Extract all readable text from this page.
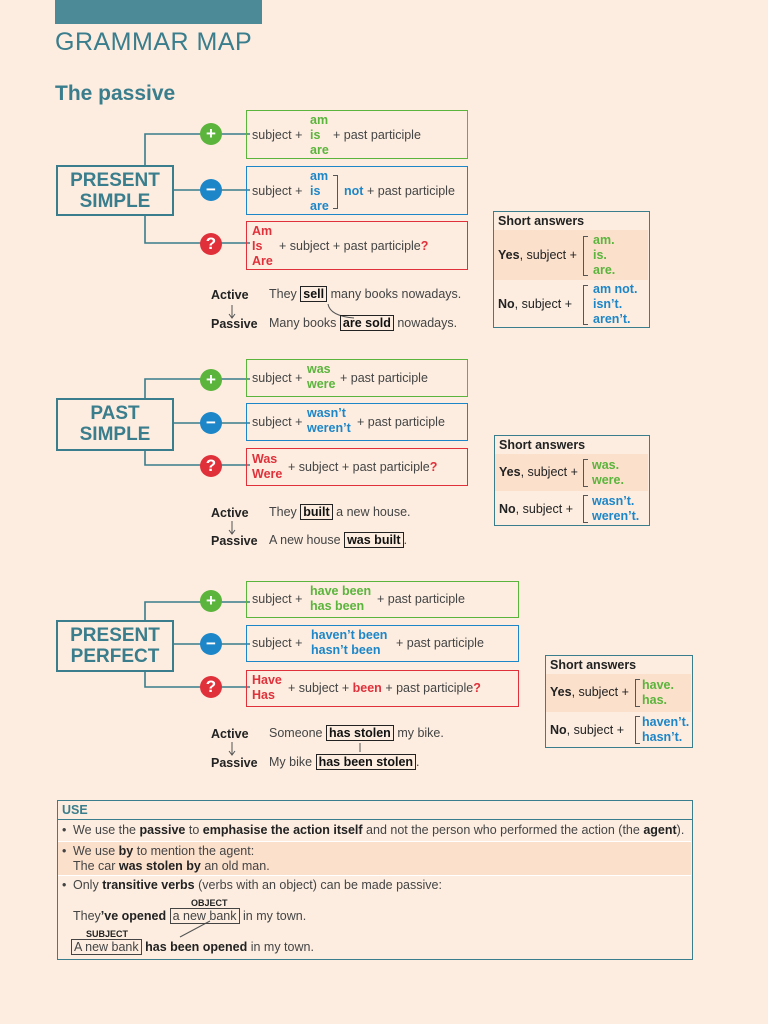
GRAMMAR MAP
The passive
PRESENT
SIMPLE
+
−
?
subject +
am
is
are
+ past participle
subject +
am
is
are
not + past participle
Am
Is
Are
+ subject + past participle?
Short answers
Yes, subject +
am.
is.
are.
No, subject +
am not.
isn’t.
aren’t.
Active They sell many books nowadays.
Passive Many books are sold nowadays.
PAST
SIMPLE
+
−
?
subject +
was
were + past participle
subject +
wasn’t
weren’t + past participle
Was
Were + subject + past participle?
Short answers
Yes, subject + was.
were.
No, subject +
wasn’t.
weren’t.
Active They built a new house.
Passive A new house was built .
PRESENT
PERFECT
+
−
?
subject +
have been
has been + past participle
subject +
haven’t been
hasn’t been + past participle
Have
Has + subject + been + past participle?
Short answers
Yes, subject + have.
has.
No, subject +
haven’t.
hasn’t.
Active Someone has stolen my bike.
Passive My bike has been stolen .
USE
• We use the passive to emphasise the action itself and not the person who performed the action (the agent).
• We use by to mention the agent:
The car was stolen by an old man.
• Only transitive verbs (verbs with an object) can be made passive:
OBJECT
They’ve opened a new bank in my town.
SUBJECT
A new bank has been opened in my town.
